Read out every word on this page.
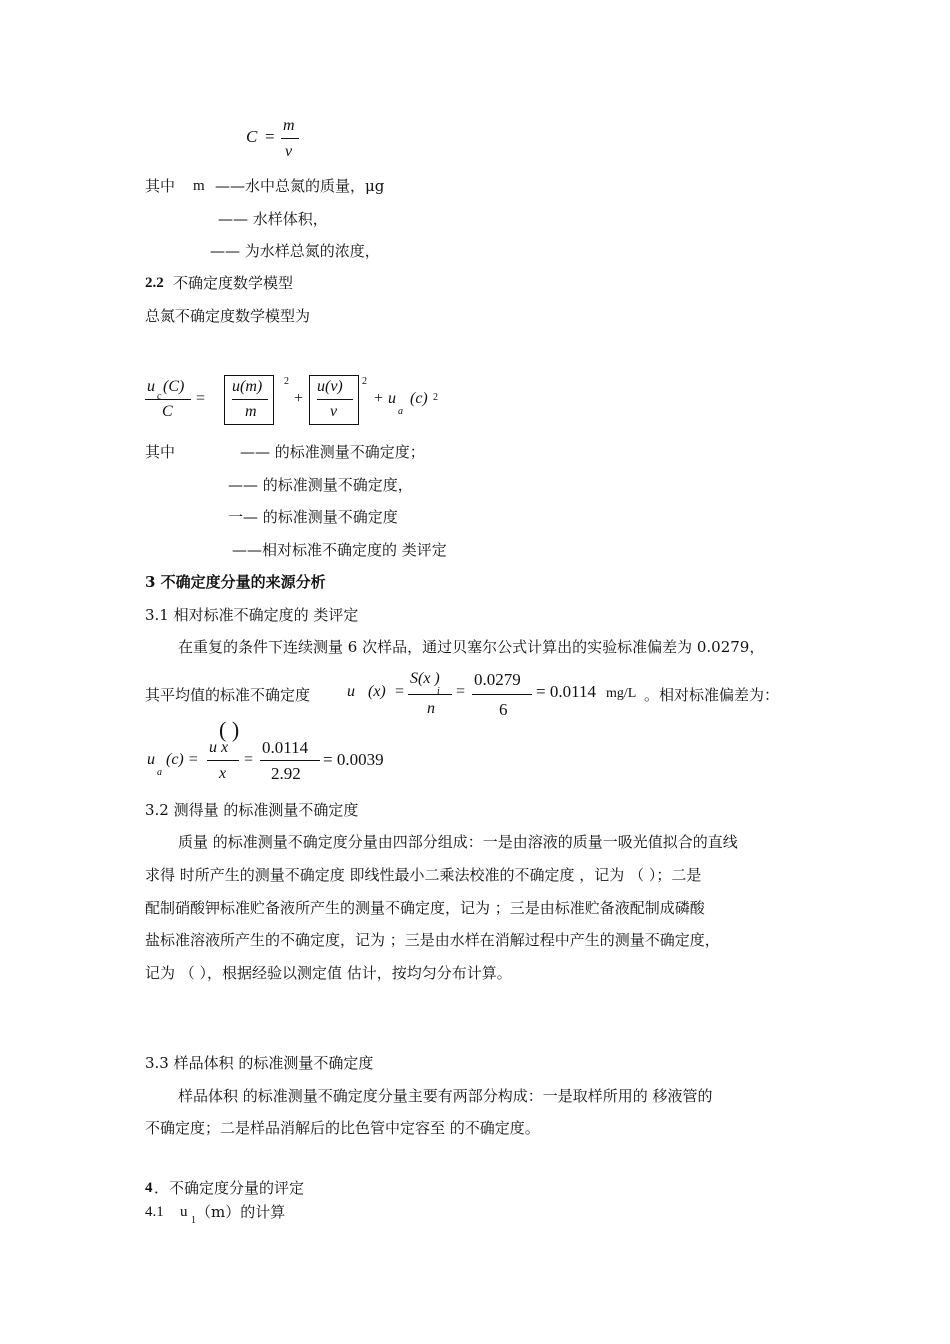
C =
m
v
其中 m ——水中总氮的质量，μg
—— 水样体积，
—— 为水样总氮的浓度，
2.2 不确定度数学模型
总氮不确定度数学模型为
u
c
(C)
C
=
u(m)
m
2
+
u(v)
v
2
+ u
a
(c) 2
其中	—— 的标准测量不确定度；
—— 的标准测量不确定度，
一— 的标准测量不确定度
——相对标准不确定度的 类评定
3 不确定度分量的来源分析
3.1 相对标准不确定度的 类评定
在重复的条件下连续测量 6 次样品，通过贝塞尔公式计算出的实验标准偏差为 0.0279，
其平均值的标准不确定度 u (x) =
S(x )
i
n
=
0.0279
6
= 0.0114 mg/L 。相对标准偏差为：
u
a
(c) =
( )
u x
x
=
0.0114
2.92
= 0.0039
3.2 测得量 的标准测量不确定度
质量 的标准测量不确定度分量由四部分组成：一是由溶液的质量一吸光值拟合的直线
求得 时所产生的测量不确定度 即线性最小二乘法校准的不确定度 ，记为 （ ）；二是
配制硝酸钾标准贮备液所产生的测量不确定度，记为 ；三是由标准贮备液配制成磷酸
盐标准溶液所产生的不确定度，记为 ；三是由水样在消解过程中产生的测量不确定度，
记为 （ ），根据经验以测定值 估计，按均匀分布计算。
3.3 样品体积 的标准测量不确定度
样品体积 的标准测量不确定度分量主要有两部分构成：一是取样所用的 移液管的
不确定度；二是样品消解后的比色管中定容至 的不确定度。
4 ．不确定度分量的评定
4.1 u
1 （m）的计算
